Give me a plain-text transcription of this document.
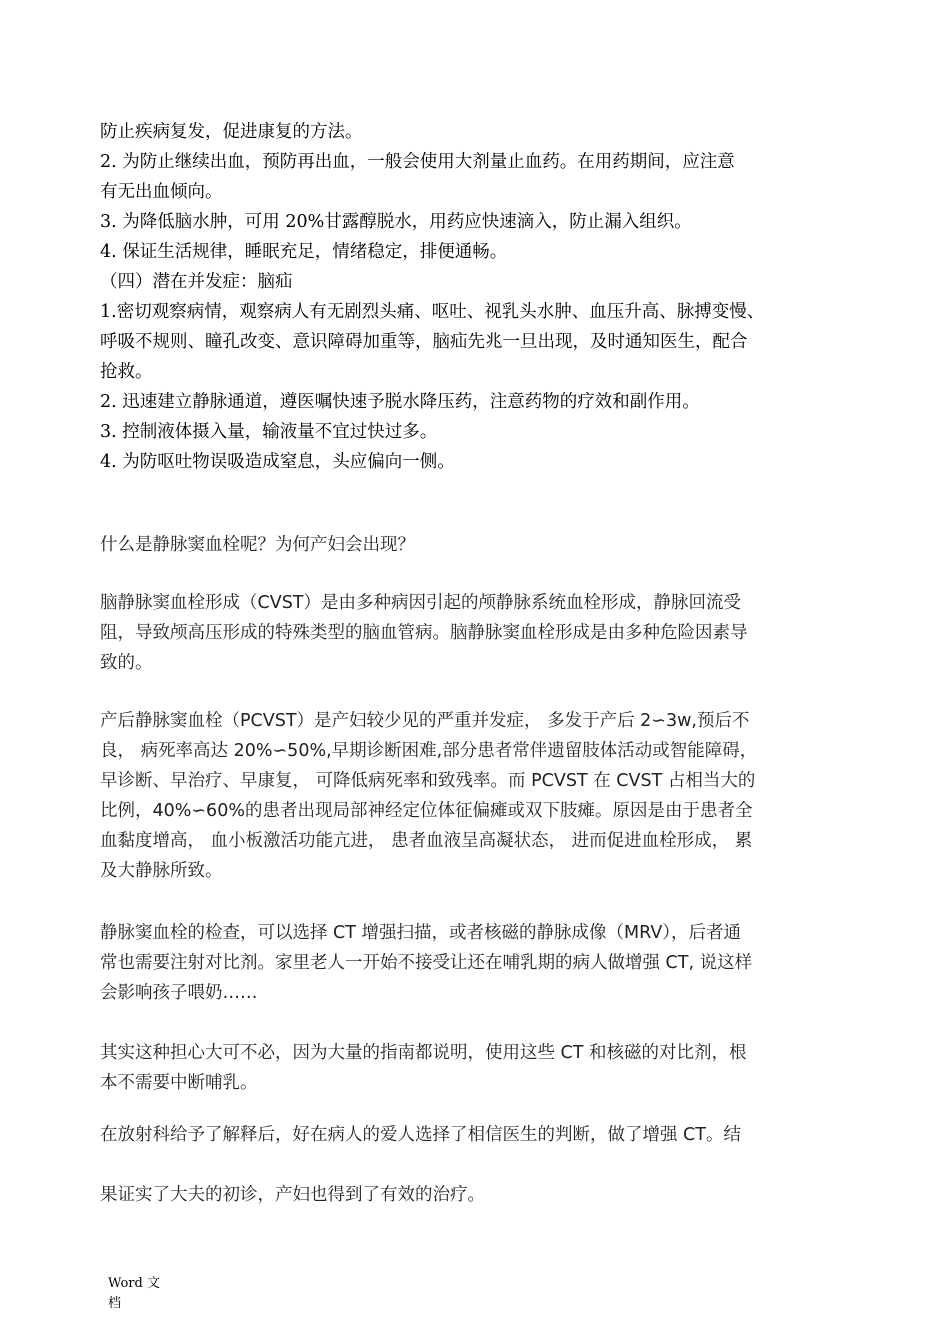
防止疾病复发，促进康复的方法。
2. 为防止继续出血，预防再出血，一般会使用大剂量止血药。在用药期间，应注意
有无出血倾向。
3. 为降低脑水肿，可用 20%甘露醇脱水，用药应快速滴入，防止漏入组织。
4. 保证生活规律，睡眠充足，情绪稳定，排便通畅。
（四）潜在并发症：脑疝
1.密切观察病情，观察病人有无剧烈头痛、呕吐、视乳头水肿、血压升高、脉搏变慢、
呼吸不规则、瞳孔改变、意识障碍加重等，脑疝先兆一旦出现，及时通知医生，配合
抢救。
2. 迅速建立静脉通道，遵医嘱快速予脱水降压药，注意药物的疗效和副作用。
3. 控制液体摄入量，输液量不宜过快过多。
4. 为防呕吐物误吸造成窒息，头应偏向一侧。
什么是静脉窦血栓呢？为何产妇会出现？
脑静脉窦血栓形成（CVST）是由多种病因引起的颅静脉系统血栓形成，静脉回流受
阻，导致颅高压形成的特殊类型的脑血管病。脑静脉窦血栓形成是由多种危险因素导
致的。
产后静脉窦血栓（PCVST）是产妇较少见的严重并发症， 多发于产后 2∽3w,预后不
良， 病死率高达 20%∽50%,早期诊断困难,部分患者常伴遗留肢体活动或智能障碍，
早诊断、早治疗、早康复， 可降低病死率和致残率。而 PCVST 在 CVST 占相当大的
比例，40%∽60%的患者出现局部神经定位体征偏瘫或双下肢瘫。原因是由于患者全
血黏度增高， 血小板激活功能亢进， 患者血液呈高凝状态， 进而促进血栓形成， 累
及大静脉所致。
静脉窦血栓的检查，可以选择 CT 增强扫描，或者核磁的静脉成像（MRV），后者通
常也需要注射对比剂。家里老人一开始不接受让还在哺乳期的病人做增强 CT, 说这样
会影响孩子喂奶……
其实这种担心大可不必，因为大量的指南都说明，使用这些 CT 和核磁的对比剂，根
本不需要中断哺乳。
在放射科给予了解释后，好在病人的爱人选择了相信医生的判断，做了增强 CT。结
果证实了大夫的初诊，产妇也得到了有效的治疗。
Word 文
档
